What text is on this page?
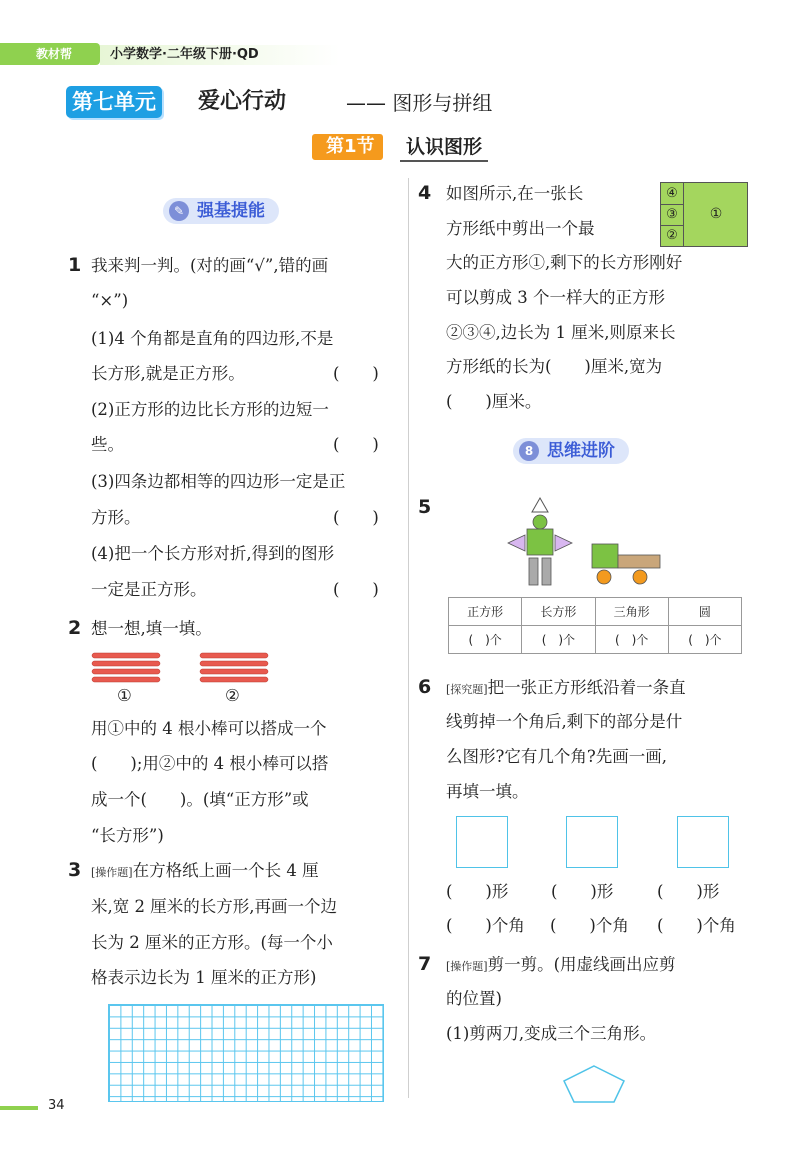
教材帮	小学数学·二年级下册·QD
第七单元 爱心行动	—— 图形与拼组
第1节	认识图形
✎ 强基提能
1 我来判一判。(对的画“√”,错的画
“×”)
(1)4 个角都是直角的四边形,不是
长方形,就是正方形。	(　　)
(2)正方形的边比长方形的边短一
些。	(　　)
(3)四条边都相等的四边形一定是正
方形。	(　　)
(4)把一个长方形对折,得到的图形
一定是正方形。	(　　)
2 想一想,填一填。
①	②
用①中的 4 根小棒可以搭成一个
(　　);用②中的 4 根小棒可以搭
成一个(　　)。(填“正方形”或
“长方形”)
3 [操作题]在方格纸上画一个长 4 厘
米,宽 2 厘米的长方形,再画一个边
长为 2 厘米的正方形。(每一个小
格表示边长为 1 厘米的正方形)
4 如图所示,在一张长
方形纸中剪出一个最
大的正方形①,剩下的长方形刚好
可以剪成 3 个一样大的正方形
②③④,边长为 1 厘米,则原来长
方形纸的长为(　　)厘米,宽为
(　　)厘米。
④
③
②
①
8 思维进阶
5
正方形	长方形	三角形	圆
(　)个	(　)个	(　)个	(　)个
6 [探究题]把一张正方形纸沿着一条直
线剪掉一个角后,剩下的部分是什
么图形?它有几个角?先画一画,
再填一填。
(　　)形	(　　)形	(　　)形
(　　)个角 (　　)个角 (　　)个角
7 [操作题]剪一剪。(用虚线画出应剪
的位置)
(1)剪两刀,变成三个三角形。
34
